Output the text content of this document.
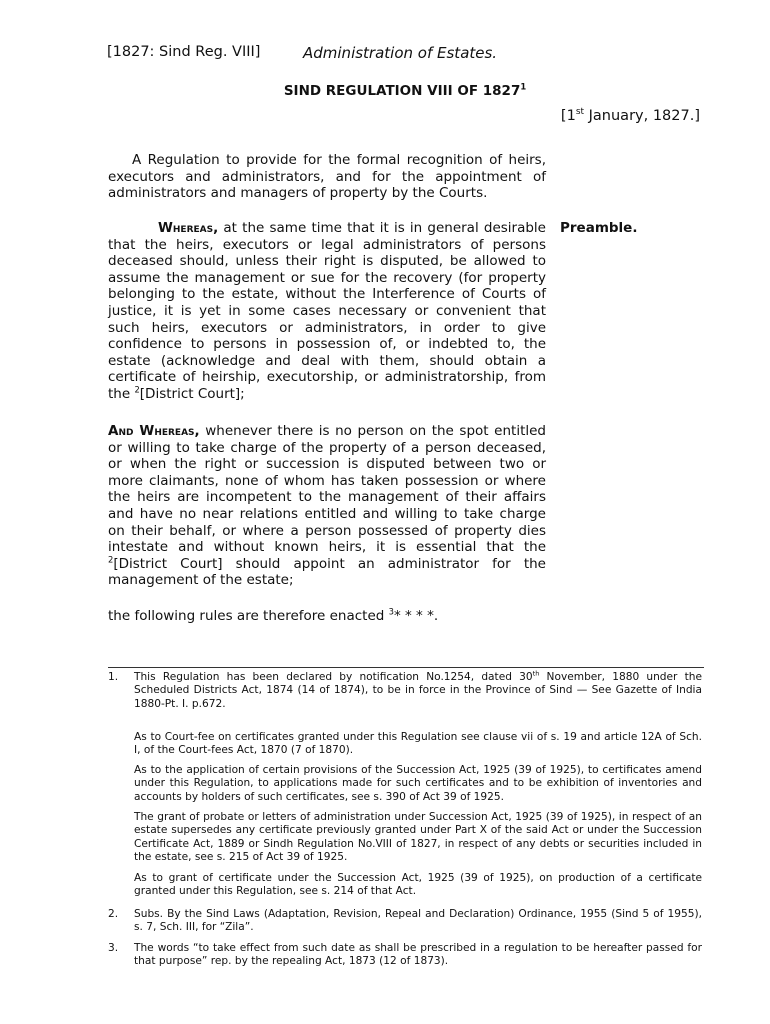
[1827: Sind Reg. VIII]	Administration of Estates.
SIND REGULATION VIII OF 1827$^1$
[1st January, 1827.]

A Regulation to provide for the formal recognition of heirs, executors and administrators, and for the appointment of administrators and managers of property by the Courts.

Whereas, at the same time that it is in general desirable that the heirs, executors or legal administrators of persons deceased should, unless their right is disputed, be allowed to assume the management or sue for the recovery (for property belonging to the estate, without the Interference of Courts of justice, it is yet in some cases necessary or convenient that such heirs, executors or administrators, in order to give confidence to persons in possession of, or indebted to, the estate (acknowledge and deal with them, should obtain a certificate of heirship, executorship, or administratorship, from the $^2$[District Court];

Preamble.

And Whereas, whenever there is no person on the spot entitled or willing to take charge of the property of a person deceased, or when the right or succession is disputed between two or more claimants, none of whom has taken possession or where the heirs are incompetent to the management of their affairs and have no near relations entitled and willing to take charge on their behalf, or where a person possessed of property dies intestate and without known heirs, it is essential that the $^2$[District Court] should appoint an administrator for the management of the estate;

the following rules are therefore enacted $^3$* * * *.

1. This Regulation has been declared by notification No.1254, dated 30th November, 1880 under the Scheduled Districts Act, 1874 (14 of 1874), to be in force in the Province of Sind — See Gazette of India 1880-Pt. I. p.672.
As to Court-fee on certificates granted under this Regulation see clause vii of s. 19 and article 12A of Sch. I, of the Court-fees Act, 1870 (7 of 1870).
As to the application of certain provisions of the Succession Act, 1925 (39 of 1925), to certificates amend under this Regulation, to applications made for such certificates and to be exhibition of inventories and accounts by holders of such certificates, see s. 390 of Act 39 of 1925.
The grant of probate or letters of administration under Succession Act, 1925 (39 of 1925), in respect of an estate supersedes any certificate previously granted under Part X of the said Act or under the Succession Certificate Act, 1889 or Sindh Regulation No.VIII of 1827, in respect of any debts or securities included in the estate, see s. 215 of Act 39 of 1925.
As to grant of certificate under the Succession Act, 1925 (39 of 1925), on production of a certificate granted under this Regulation, see s. 214 of that Act.
2. Subs. By the Sind Laws (Adaptation, Revision, Repeal and Declaration) Ordinance, 1955 (Sind 5 of 1955), s. 7, Sch. III, for “Zila”.
3. The words “to take effect from such date as shall be prescribed in a regulation to be hereafter passed for that purpose” rep. by the repealing Act, 1873 (12 of 1873).
